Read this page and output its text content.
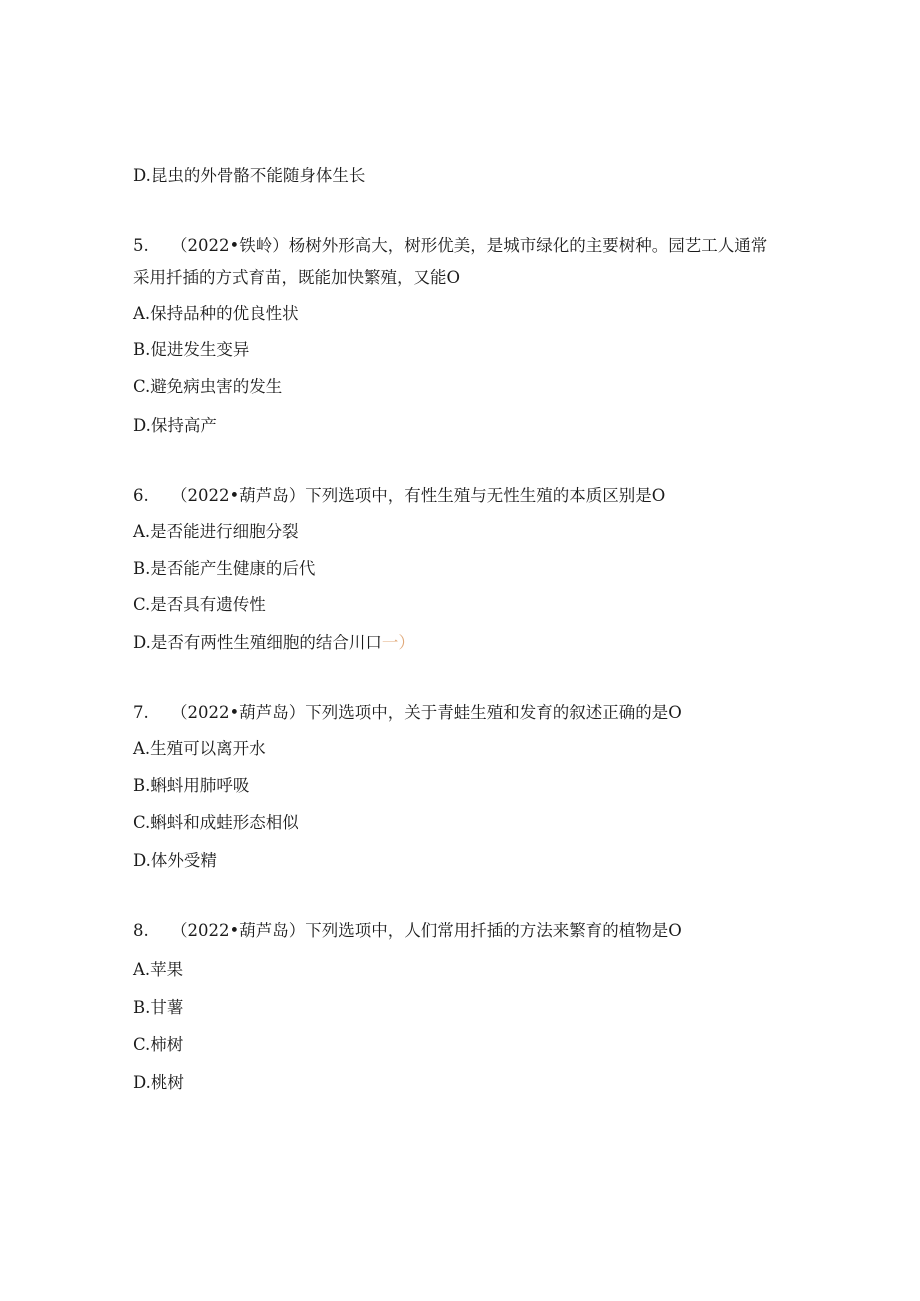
D.昆虫的外骨骼不能随身体生长
5. （2022•铁岭）杨树外形高大，树形优美，是城市绿化的主要树种。园艺工人通常
采用扦插的方式育苗，既能加快繁殖，又能O
A.保持品种的优良性状
B.促进发生变异
C.避免病虫害的发生
D.保持高产
6. （2022•葫芦岛）下列选项中，有性生殖与无性生殖的本质区别是O
A.是否能进行细胞分裂
B.是否能产生健康的后代
C.是否具有遗传性
D.是否有两性生殖细胞的结合川口一）
7. （2022•葫芦岛）下列选项中，关于青蛙生殖和发育的叙述正确的是O
A.生殖可以离开水
B.蝌蚪用肺呼吸
C.蝌蚪和成蛙形态相似
D.体外受精
8. （2022•葫芦岛）下列选项中，人们常用扦插的方法来繁育的植物是O
A.苹果
B.甘薯
C.柿树
D.桃树
